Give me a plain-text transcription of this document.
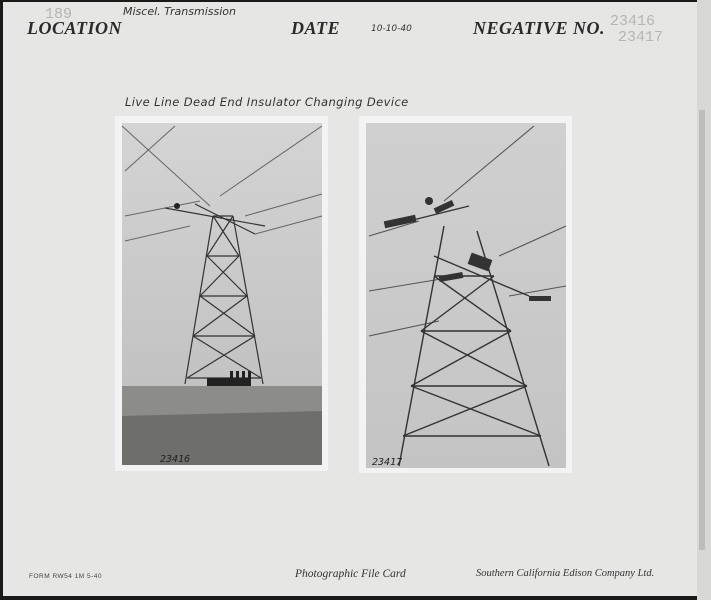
LOCATION
189	Miscel. Transmission
DATE	10-10-40	NEGATIVE NO. 23416
23417
Live Line Dead End Insulator Changing Device
23416	23417
FORM RW54 1M 5-40	Photographic File Card	Southern California Edison Company Ltd.
